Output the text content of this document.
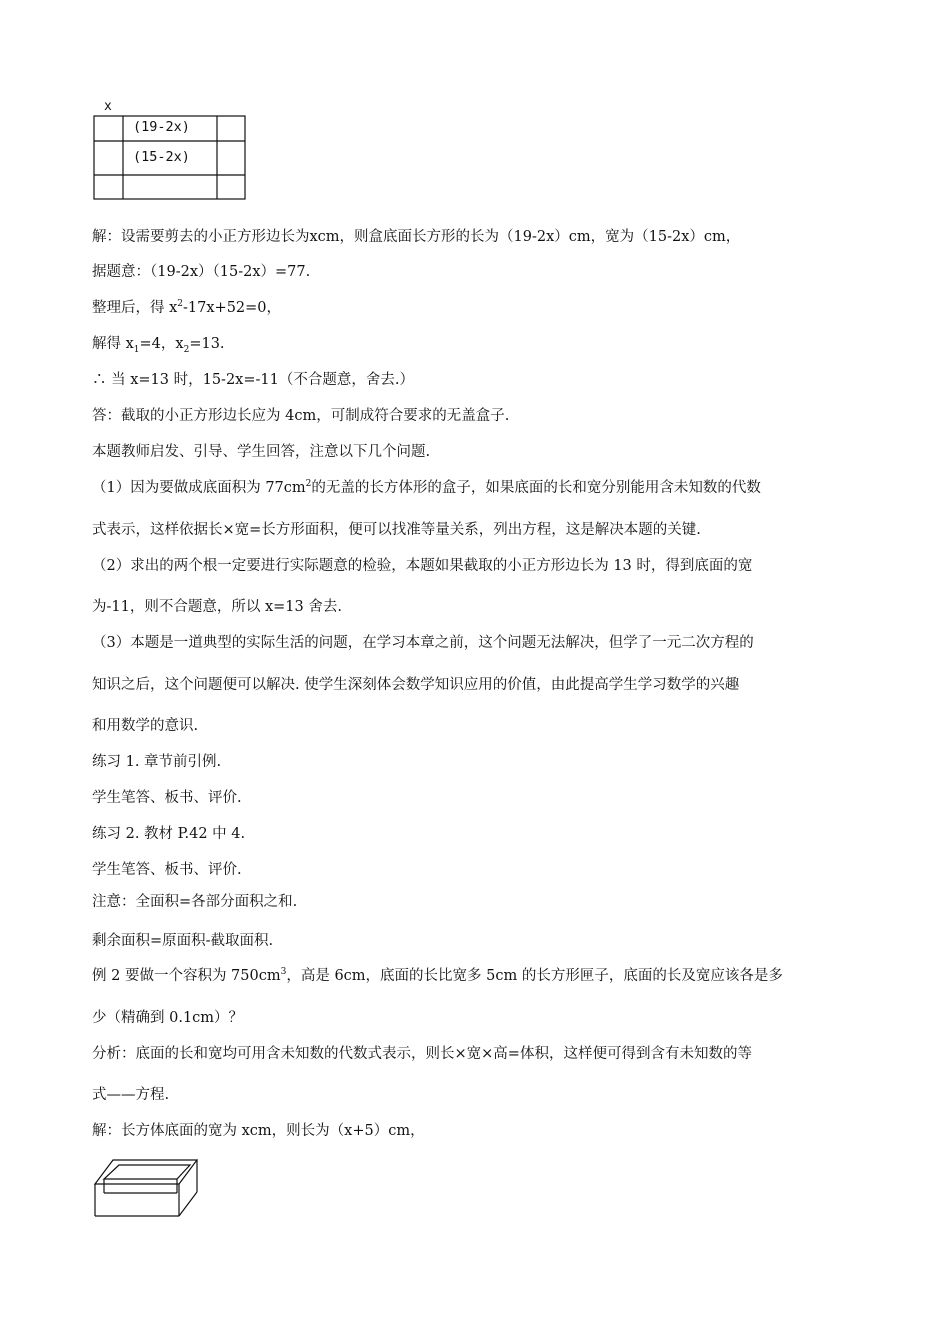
x
(19-2x)
(15-2x)
解：设需要剪去的小正方形边长为xcm，则盒底面长方形的长为（19-2x）cm，宽为（15-2x）cm，
据题意：（19-2x）（15-2x）=77.
整理后，得 $x^2-17x+52=0$，
解得 $x_1=4$，$x_2=13$.
∴ 当 x=13 时，15-2x=-11（不合题意，舍去.）
答：截取的小正方形边长应为 4cm，可制成符合要求的无盖盒子.
本题教师启发、引导、学生回答，注意以下几个问题.
（1）因为要做成底面积为 $77cm^2$的无盖的长方体形的盒子，如果底面的长和宽分别能用含未知数的代数
式表示，这样依据长×宽=长方形面积，便可以找准等量关系，列出方程，这是解决本题的关键.
（2）求出的两个根一定要进行实际题意的检验，本题如果截取的小正方形边长为 13 时，得到底面的宽
为-11，则不合题意，所以 x=13 舍去.
（3）本题是一道典型的实际生活的问题，在学习本章之前，这个问题无法解决，但学了一元二次方程的
知识之后，这个问题便可以解决. 使学生深刻体会数学知识应用的价值，由此提高学生学习数学的兴趣
和用数学的意识.
练习 1. 章节前引例.
学生笔答、板书、评价.
练习 2. 教材 P.42 中 4.
学生笔答、板书、评价.
注意：全面积=各部分面积之和.
剩余面积=原面积-截取面积.
例 2 要做一个容积为 $750cm^3$，高是 6cm，底面的长比宽多 5cm 的长方形匣子，底面的长及宽应该各是多
少（精确到 0.1cm）？
分析：底面的长和宽均可用含未知数的代数式表示，则长×宽×高=体积，这样便可得到含有未知数的等
式——方程.
解：长方体底面的宽为 xcm，则长为（x+5）cm，
